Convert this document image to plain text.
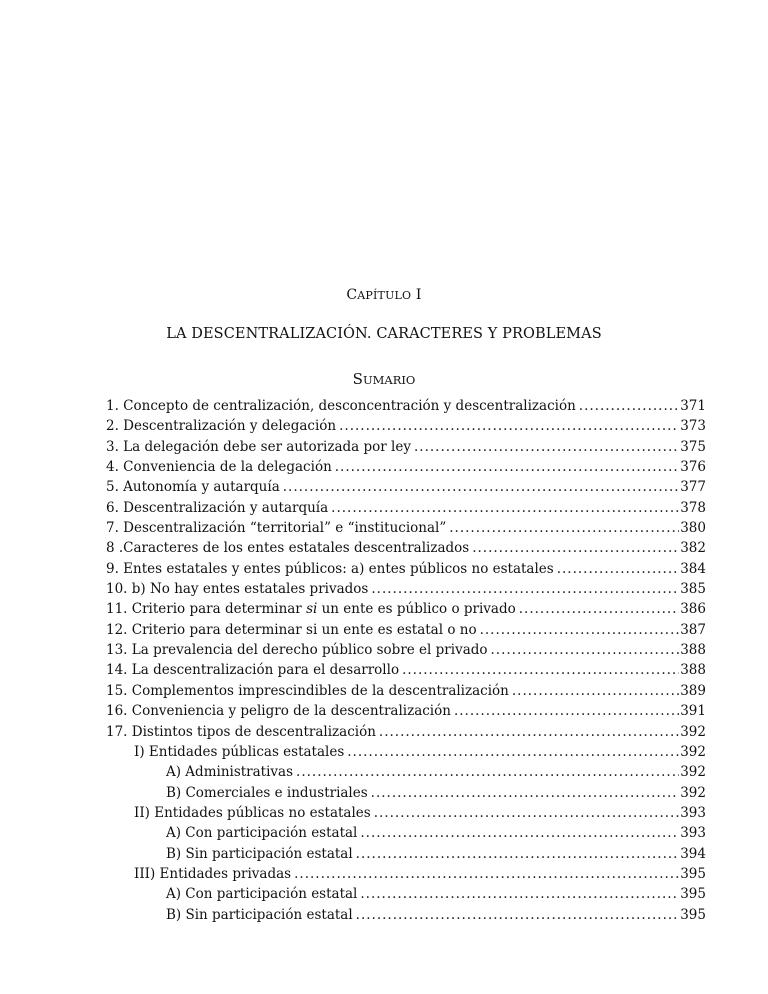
CAPÍTULO I
LA DESCENTRALIZACIÓN. CARACTERES Y PROBLEMAS
SUMARIO
1. Concepto de centralización, desconcentración y descentralización .....	371
2. Descentralización y delegación .....	373
3. La delegación debe ser autorizada por ley .....	375
4. Conveniencia de la delegación .....	376
5. Autonomía y autarquía .....	377
6. Descentralización y autarquía .....	378
7. Descentralización “territorial” e “institucional” .....	380
8 .Caracteres de los entes estatales descentralizados .....	382
9. Entes estatales y entes públicos: a) entes públicos no estatales .....	384
10. b) No hay entes estatales privados .....	385
11. Criterio para determinar si un ente es público o privado .....	386
12. Criterio para determinar si un ente es estatal o no .....	387
13. La prevalencia del derecho público sobre el privado .....	388
14. La descentralización para el desarrollo .....	388
15. Complementos imprescindibles de la descentralización .....	389
16. Conveniencia y peligro de la descentralización .....	391
17. Distintos tipos de descentralización .....	392
I) Entidades públicas estatales .....	392
A) Administrativas .....	392
B) Comerciales e industriales .....	392
II) Entidades públicas no estatales .....	393
A) Con participación estatal .....	393
B) Sin participación estatal .....	394
III) Entidades privadas .....	395
A) Con participación estatal .....	395
B) Sin participación estatal .....	395
